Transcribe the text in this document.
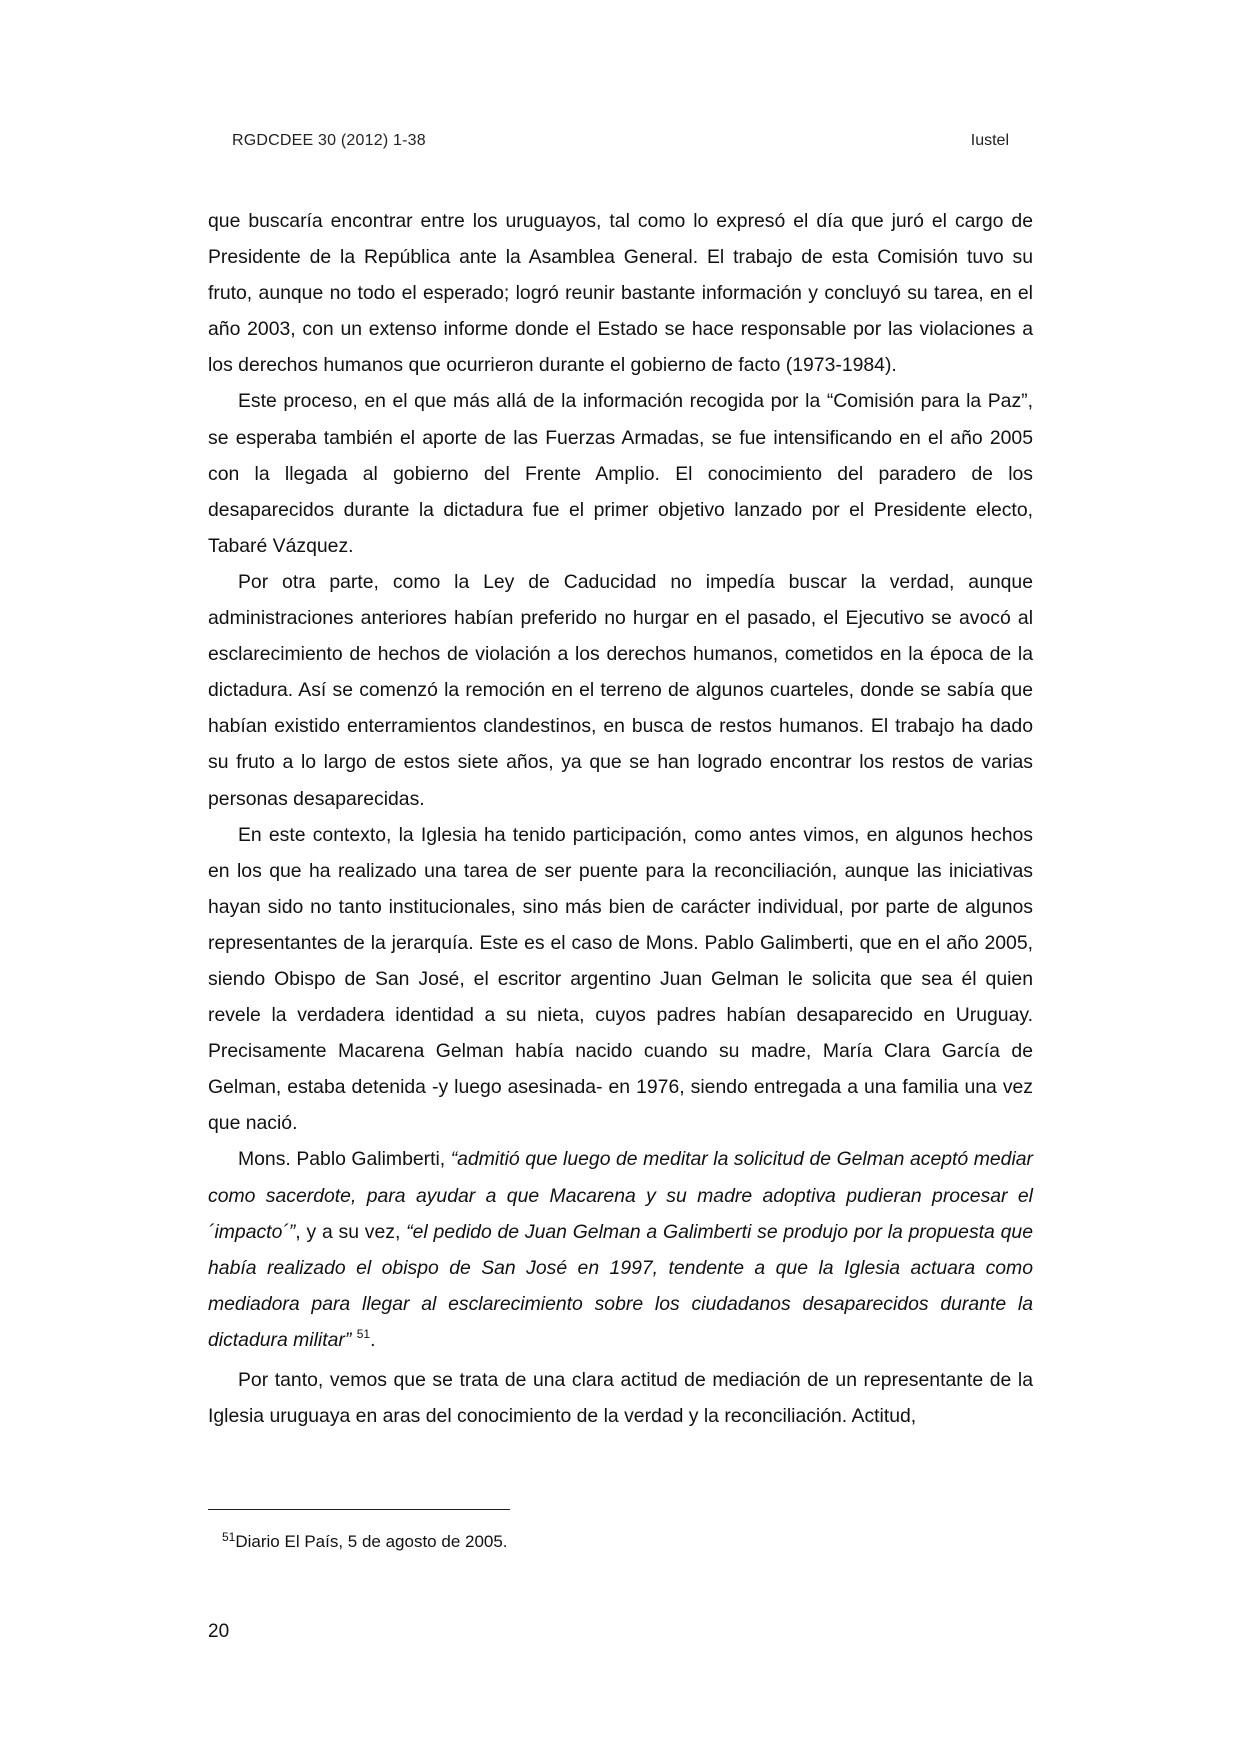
RGDCDEE 30 (2012) 1-38	Iustel

que buscaría encontrar entre los uruguayos, tal como lo expresó el día que juró el cargo de Presidente de la República ante la Asamblea General. El trabajo de esta Comisión tuvo su fruto, aunque no todo el esperado; logró reunir bastante información y concluyó su tarea, en el año 2003, con un extenso informe donde el Estado se hace responsable por las violaciones a los derechos humanos que ocurrieron durante el gobierno de facto (1973-1984).

Este proceso, en el que más allá de la información recogida por la “Comisión para la Paz”, se esperaba también el aporte de las Fuerzas Armadas, se fue intensificando en el año 2005 con la llegada al gobierno del Frente Amplio. El conocimiento del paradero de los desaparecidos durante la dictadura fue el primer objetivo lanzado por el Presidente electo, Tabaré Vázquez.

Por otra parte, como la Ley de Caducidad no impedía buscar la verdad, aunque administraciones anteriores habían preferido no hurgar en el pasado, el Ejecutivo se avocó al esclarecimiento de hechos de violación a los derechos humanos, cometidos en la época de la dictadura. Así se comenzó la remoción en el terreno de algunos cuarteles, donde se sabía que habían existido enterramientos clandestinos, en busca de restos humanos. El trabajo ha dado su fruto a lo largo de estos siete años, ya que se han logrado encontrar los restos de varias personas desaparecidas.

En este contexto, la Iglesia ha tenido participación, como antes vimos, en algunos hechos en los que ha realizado una tarea de ser puente para la reconciliación, aunque las iniciativas hayan sido no tanto institucionales, sino más bien de carácter individual, por parte de algunos representantes de la jerarquía. Este es el caso de Mons. Pablo Galimberti, que en el año 2005, siendo Obispo de San José, el escritor argentino Juan Gelman le solicita que sea él quien revele la verdadera identidad a su nieta, cuyos padres habían desaparecido en Uruguay. Precisamente Macarena Gelman había nacido cuando su madre, María Clara García de Gelman, estaba detenida -y luego asesinada- en 1976, siendo entregada a una familia una vez que nació.

Mons. Pablo Galimberti, “admitió que luego de meditar la solicitud de Gelman aceptó mediar como sacerdote, para ayudar a que Macarena y su madre adoptiva pudieran procesar el ´impacto´”, y a su vez, “el pedido de Juan Gelman a Galimberti se produjo por la propuesta que había realizado el obispo de San José en 1997, tendente a que la Iglesia actuara como mediadora para llegar al esclarecimiento sobre los ciudadanos desaparecidos durante la dictadura militar” $^{51}$.

Por tanto, vemos que se trata de una clara actitud de mediación de un representante de la Iglesia uruguaya en aras del conocimiento de la verdad y la reconciliación. Actitud,

$^{51}$Diario El País, 5 de agosto de 2005.
20
